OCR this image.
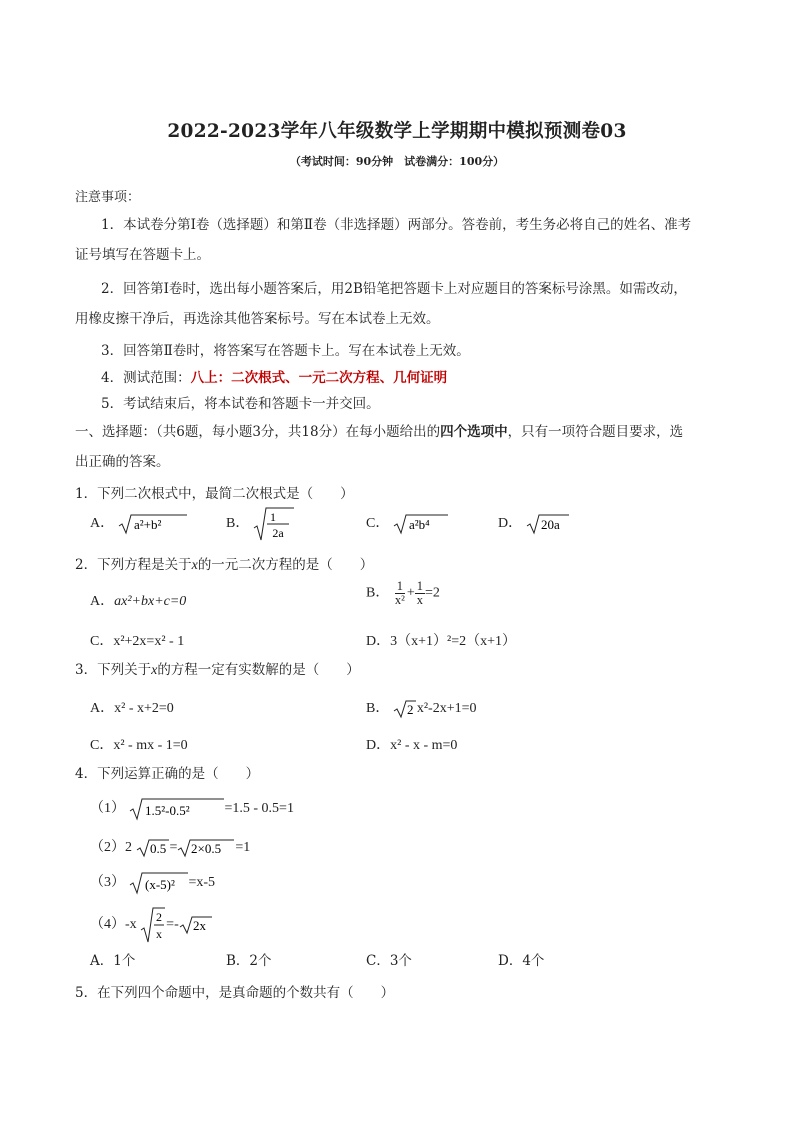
2022-2023学年八年级数学上学期期中模拟预测卷03
（考试时间：90分钟　试卷满分：100分）
注意事项：
1．本试卷分第Ⅰ卷（选择题）和第Ⅱ卷（非选择题）两部分。答卷前，考生务必将自己的姓名、准考
证号填写在答题卡上。
2．回答第Ⅰ卷时，选出每小题答案后，用2B铅笔把答题卡上对应题目的答案标号涂黑。如需改动，
用橡皮擦干净后，再选涂其他答案标号。写在本试卷上无效。
3．回答第Ⅱ卷时，将答案写在答题卡上。写在本试卷上无效。
4．测试范围：八上：二次根式、一元二次方程、几何证明
5．考试结束后，将本试卷和答题卡一并交回。
一、选择题：（共6题，每小题3分，共18分）在每小题给出的四个选项中，只有一项符合题目要求，选
出正确的答案。
1．下列二次根式中，最简二次根式是（　　）
A． a²+b²	B． 1
2a
C． a²b⁴	D． 20a
2．下列方程是关于x的一元二次方程的是（　　）
A．ax²+bx+c=0
B． $\frac{1}{\text{x²}} + \frac{1}{x} =2$
C．x²+2x=x² - 1	D．3（x+1）²=2（x+1）
3．下列关于x的方程一定有实数解的是（　　）
A．x² - x+2=0	B． 2 x²-2x+1=0
C．x² - mx - 1=0	D．x² - x - m=0
4．下列运算正确的是（　　）
（1） 1.5²-0.5²	=1.5 - 0.5=1
（2）2 0.5 = 2×0.5 =1
（3） (x-5)² =x-5
（4）-x
2
x
=- 2x
A．1个	B．2个	C．3个	D．4个
5．在下列四个命题中，是真命题的个数共有（　　）
